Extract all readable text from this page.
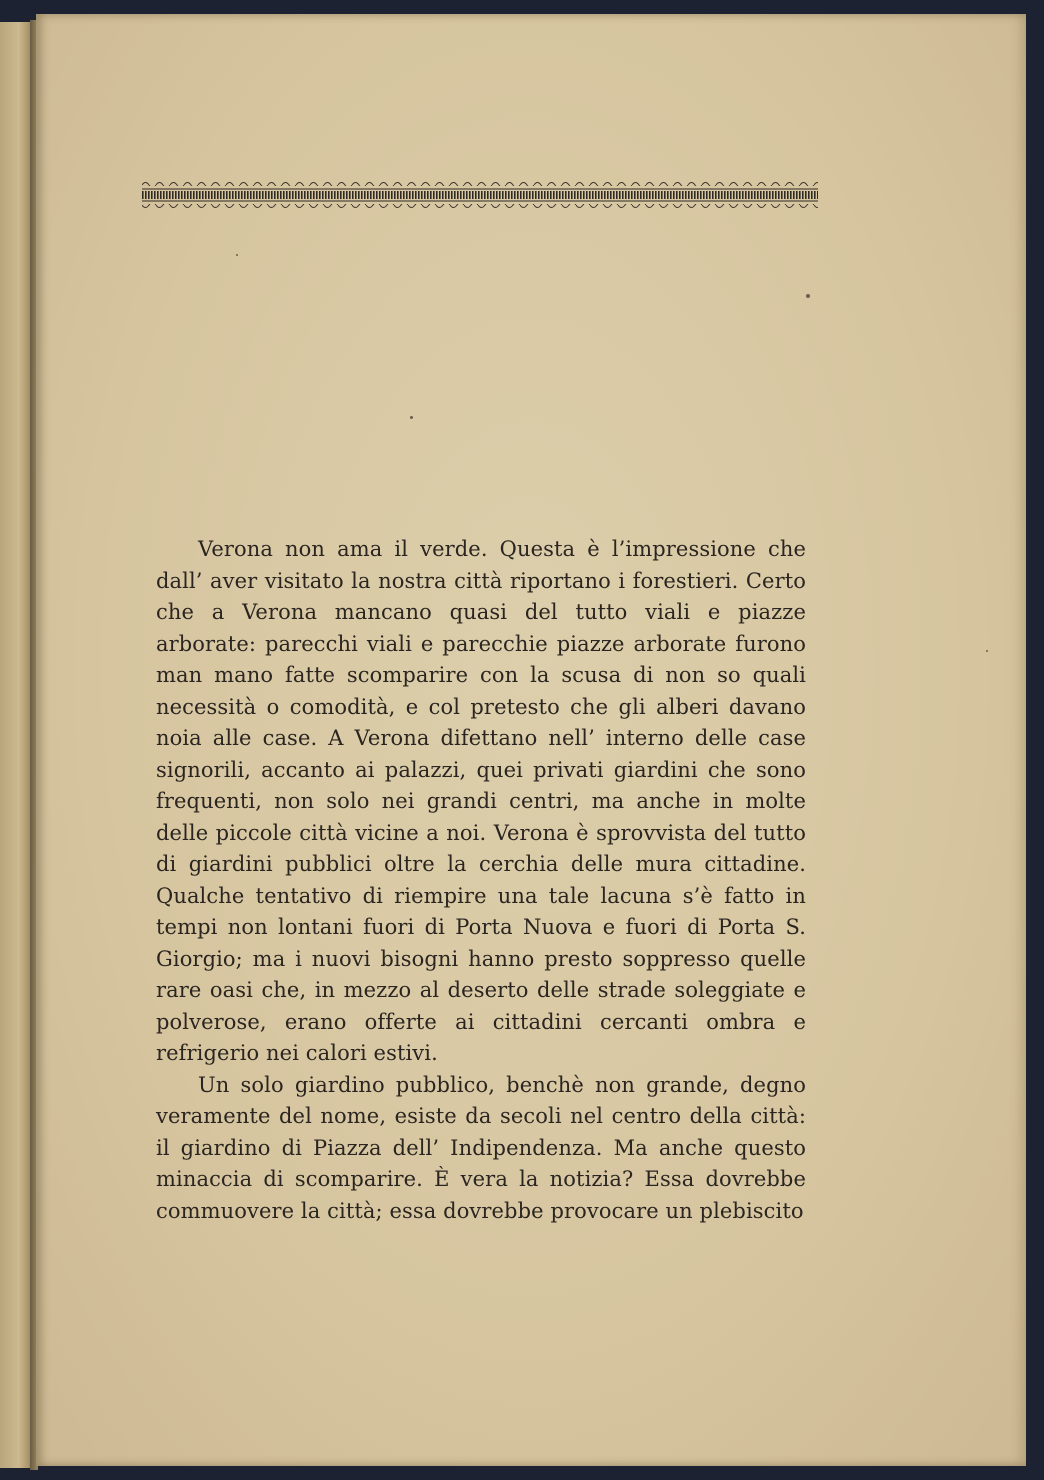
Verona non ama il verde. Questa è l’impressione che dall’ aver visitato la nostra città riportano i forestieri. Certo che a Verona mancano quasi del tutto viali e piazze arborate: parecchi viali e parecchie piazze arborate furono man mano fatte scomparire con la scusa di non so quali necessità o comodità, e col pretesto che gli alberi davano noia alle case. A Verona difettano nell’ interno delle case signorili, accanto ai palazzi, quei privati giardini che sono frequenti, non solo nei grandi centri, ma anche in molte delle piccole città vicine a noi. Verona è sprovvista del tutto di giardini pubblici oltre la cerchia delle mura cittadine. Qualche tentativo di riempire una tale lacuna s’è fatto in tempi non lontani fuori di Porta Nuova e fuori di Porta S. Giorgio; ma i nuovi bisogni hanno presto soppresso quelle rare oasi che, in mezzo al deserto delle strade soleggiate e polverose, erano offerte ai cittadini cercanti ombra e refrigerio nei calori estivi.

Un solo giardino pubblico, benchè non grande, degno veramente del nome, esiste da secoli nel centro della città: il giardino di Piazza dell’ Indipendenza. Ma anche questo minaccia di scomparire. È vera la notizia? Essa dovrebbe commuovere la città; essa dovrebbe provocare un plebiscito
